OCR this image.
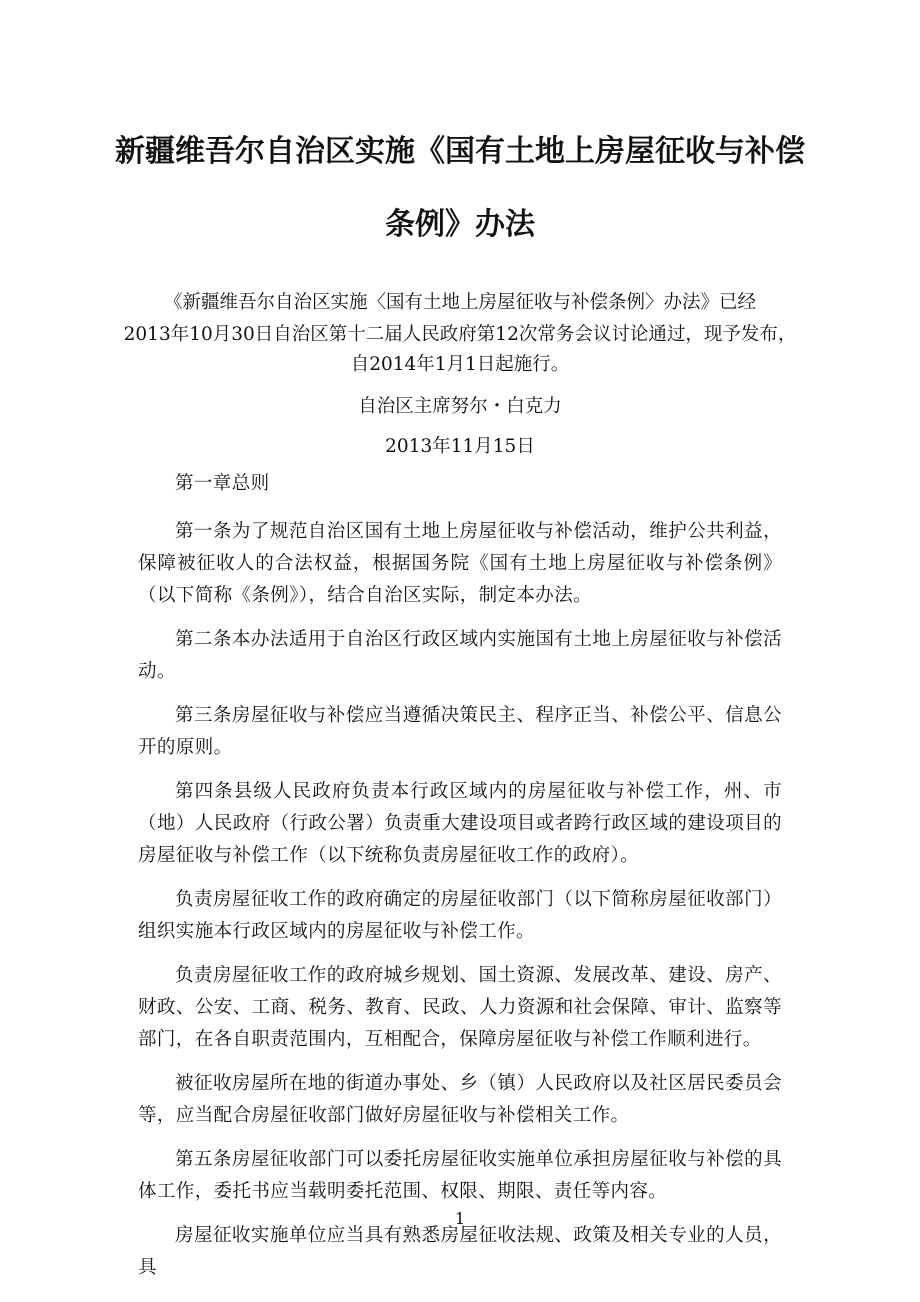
新疆维吾尔自治区实施《国有土地上房屋征收与补偿
条例》办法

《新疆维吾尔自治区实施〈国有土地上房屋征收与补偿条例〉办法》已经

2013年10月30日自治区第十二届人民政府第12次常务会议讨论通过，现予发布，

自2014年1月1日起施行。

自治区主席努尔・白克力

2013年11月15日

第一章总则

第一条为了规范自治区国有土地上房屋征收与补偿活动，维护公共利益，保障被征收人的合法权益，根据国务院《国有土地上房屋征收与补偿条例》（以下简称《条例》），结合自治区实际，制定本办法。

第二条本办法适用于自治区行政区域内实施国有土地上房屋征收与补偿活动。

第三条房屋征收与补偿应当遵循决策民主、程序正当、补偿公平、信息公开的原则。

第四条县级人民政府负责本行政区域内的房屋征收与补偿工作，州、市（地）人民政府（行政公署）负责重大建设项目或者跨行政区域的建设项目的房屋征收与补偿工作（以下统称负责房屋征收工作的政府）。

负责房屋征收工作的政府确定的房屋征收部门（以下简称房屋征收部门）组织实施本行政区域内的房屋征收与补偿工作。

负责房屋征收工作的政府城乡规划、国土资源、发展改革、建设、房产、财政、公安、工商、税务、教育、民政、人力资源和社会保障、审计、监察等部门，在各自职责范围内，互相配合，保障房屋征收与补偿工作顺利进行。

被征收房屋所在地的街道办事处、乡（镇）人民政府以及社区居民委员会等，应当配合房屋征收部门做好房屋征收与补偿相关工作。

第五条房屋征收部门可以委托房屋征收实施单位承担房屋征收与补偿的具体工作，委托书应当载明委托范围、权限、期限、责任等内容。

房屋征收实施单位应当具有熟悉房屋征收法规、政策及相关专业的人员，具

1
